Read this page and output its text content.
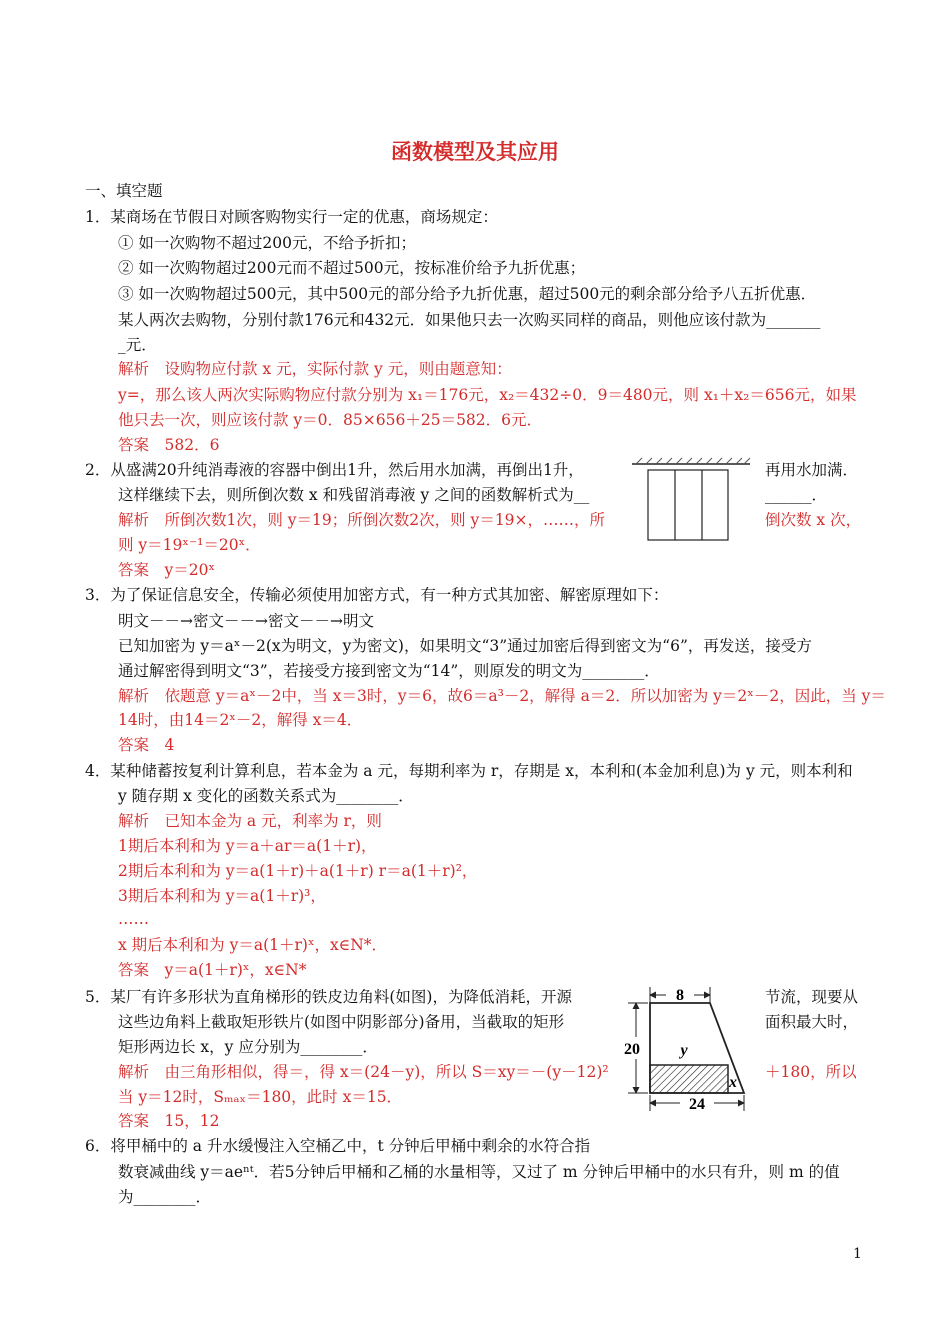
函数模型及其应用
一、填空题
1．某商场在节假日对顾客购物实行一定的优惠，商场规定：
① 如一次购物不超过200元，不给予折扣；
② 如一次购物超过200元而不超过500元，按标准价给予九折优惠；
③ 如一次购物超过500元，其中500元的部分给予九折优惠，超过500元的剩余部分给予八五折优惠．
某人两次去购物，分别付款176元和432元．如果他只去一次购买同样的商品，则他应该付款为_______
_元．
解析　设购物应付款 x 元，实际付款 y 元，则由题意知：
y=，那么该人两次实际购物应付款分别为 x₁＝176元，x₂＝432÷0．9＝480元，则 x₁＋x₂＝656元，如果
他只去一次，则应该付款 y＝0．85×656＋25＝582．6元．
答案　582．6
2．从盛满20升纯消毒液的容器中倒出1升，然后用水加满，再倒出1升，	再用水加满．
这样继续下去，则所倒次数 x 和残留消毒液 y 之间的函数解析式为__	______．
解析　所倒次数1次，则 y＝19；所倒次数2次，则 y＝19×，……，所	倒次数 x 次，
则 y＝19ˣ⁻¹＝20ˣ．
答案　y＝20ˣ
3．为了保证信息安全，传输必须使用加密方式，有一种方式其加密、解密原理如下：
明文－－→密文－－→密文－－→明文
已知加密为 y＝aˣ－2(x为明文，y为密文)，如果明文“3”通过加密后得到密文为“6”，再发送，接受方
通过解密得到明文“3”，若接受方接到密文为“14”，则原发的明文为________．
解析　依题意 y＝aˣ－2中，当 x＝3时，y＝6，故6＝a³－2，解得 a＝2．所以加密为 y＝2ˣ－2，因此，当 y＝
14时，由14＝2ˣ－2，解得 x＝4．
答案　4
4．某种储蓄按复利计算利息，若本金为 a 元，每期利率为 r，存期是 x，本利和(本金加利息)为 y 元，则本利和
y 随存期 x 变化的函数关系式为________．
解析　已知本金为 a 元，利率为 r，则
1期后本利和为 y＝a＋ar＝a(1＋r)，
2期后本利和为 y＝a(1＋r)＋a(1＋r) r＝a(1＋r)²，
3期后本利和为 y＝a(1＋r)³，
……
x 期后本利和为 y＝a(1＋r)ˣ，x∈N*．
答案　y＝a(1＋r)ˣ，x∈N*
5．某厂有许多形状为直角梯形的铁皮边角料(如图)，为降低消耗，开源	节流，现要从
这些边角料上截取矩形铁片(如图中阴影部分)备用，当截取的矩形	面积最大时，
矩形两边长 x，y 应分别为________．
解析　由三角形相似，得＝，得 x＝(24－y)，所以 S＝xy＝－(y－12)²	＋180，所以
当 y＝12时，Sₘₐₓ＝180，此时 x＝15．
答案　15，12
8
20	y
x
24
6．将甲桶中的 a 升水缓慢注入空桶乙中，t 分钟后甲桶中剩余的水符合指
数衰减曲线 y＝aeⁿᵗ．若5分钟后甲桶和乙桶的水量相等，又过了 m 分钟后甲桶中的水只有升，则 m 的值
为________．
1
